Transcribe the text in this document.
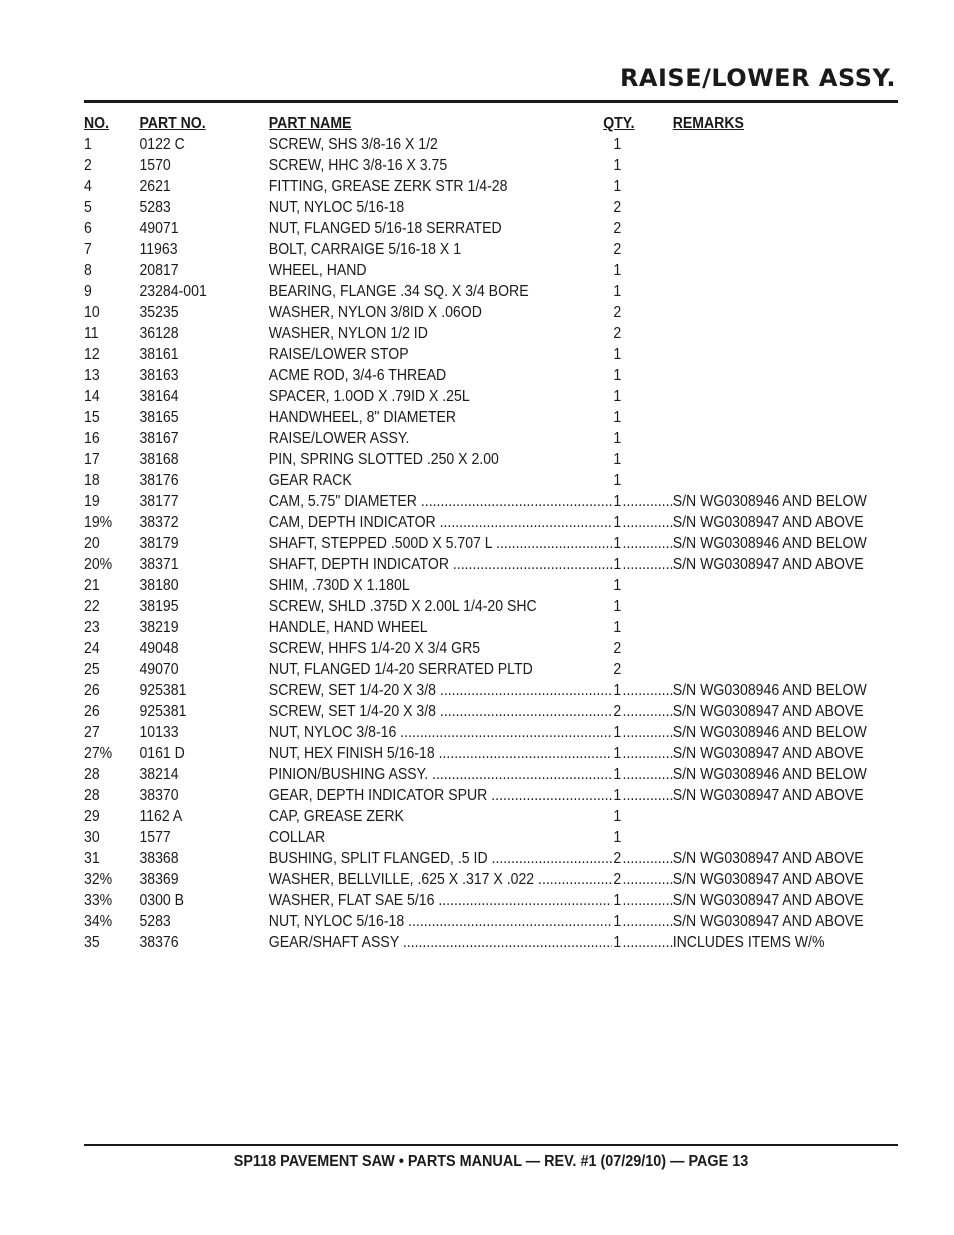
RAISE/LOWER ASSY.
NO. PART NO.	PART NAME	QTY. REMARKS
1	0122 C	SCREW, SHS 3/8-16 X 1/2	1
2	1570	SCREW, HHC 3/8-16 X 3.75	1
4	2621	FITTING, GREASE ZERK STR 1/4-28	1
5	5283	NUT, NYLOC 5/16-18	2
6	49071	NUT, FLANGED 5/16-18 SERRATED	2
7	11963	BOLT, CARRAIGE 5/16-18 X 1	2
8	20817	WHEEL, HAND	1
9	23284-001	BEARING, FLANGE .34 SQ. X 3/4 BORE	1
10 35235	WASHER, NYLON 3/8ID X .06OD	2
11	36128	WASHER, NYLON 1/2 ID	2
12 38161	RAISE/LOWER STOP	1
13 38163	ACME ROD, 3/4-6 THREAD	1
14 38164	SPACER, 1.0OD X .79ID X .25L	1
15 38165	HANDWHEEL, 8" DIAMETER	1
16 38167	RAISE/LOWER ASSY.	1
17 38168	PIN, SPRING SLOTTED .250 X 2.00	1
18 38176	GEAR RACK	1
19 38177	CAM, 5.75" DIAMETER ..... .....	1	S/N WG0308946 AND BELOW
19% 38372	CAM, DEPTH INDICATOR ..... .....	1	S/N WG0308947 AND ABOVE
20 38179	SHAFT, STEPPED .500D X 5.707 L ..... .....	1	S/N WG0308946 AND BELOW
20% 38371	SHAFT, DEPTH INDICATOR ..... .....	1	S/N WG0308947 AND ABOVE
21 38180	SHIM, .730D X 1.180L	1
22 38195	SCREW, SHLD .375D X 2.00L 1/4-20 SHC	1
23 38219	HANDLE, HAND WHEEL	1
24 49048	SCREW, HHFS 1/4-20 X 3/4 GR5	2
25 49070	NUT, FLANGED 1/4-20 SERRATED PLTD	2
26 925381	SCREW, SET 1/4-20 X 3/8 ..... .....	1	S/N WG0308946 AND BELOW
26 925381	SCREW, SET 1/4-20 X 3/8 ..... .....	2	S/N WG0308947 AND ABOVE
27 10133	NUT, NYLOC 3/8-16 ..... .....	1	S/N WG0308946 AND BELOW
27% 0161 D	NUT, HEX FINISH 5/16-18 ..... .....	1	S/N WG0308947 AND ABOVE
28 38214	PINION/BUSHING ASSY. ..... .....	1	S/N WG0308946 AND BELOW
28 38370	GEAR, DEPTH INDICATOR SPUR ..... .....	1	S/N WG0308947 AND ABOVE
29 1162 A	CAP, GREASE ZERK	1
30 1577	COLLAR	1
31 38368	BUSHING, SPLIT FLANGED, .5 ID ..... .....	2	S/N WG0308947 AND ABOVE
32% 38369	WASHER, BELLVILLE, .625 X .317 X .022 ..... .....	2	S/N WG0308947 AND ABOVE
33% 0300 B	WASHER, FLAT SAE 5/16 ..... .....	1	S/N WG0308947 AND ABOVE
34% 5283	NUT, NYLOC 5/16-18 ..... .....	1	S/N WG0308947 AND ABOVE
35 38376	GEAR/SHAFT ASSY ..... .....	1	INCLUDES ITEMS W/%
SP118 PAVEMENT SAW • PARTS MANUAL — REV. #1 (07/29/10) — PAGE 13
